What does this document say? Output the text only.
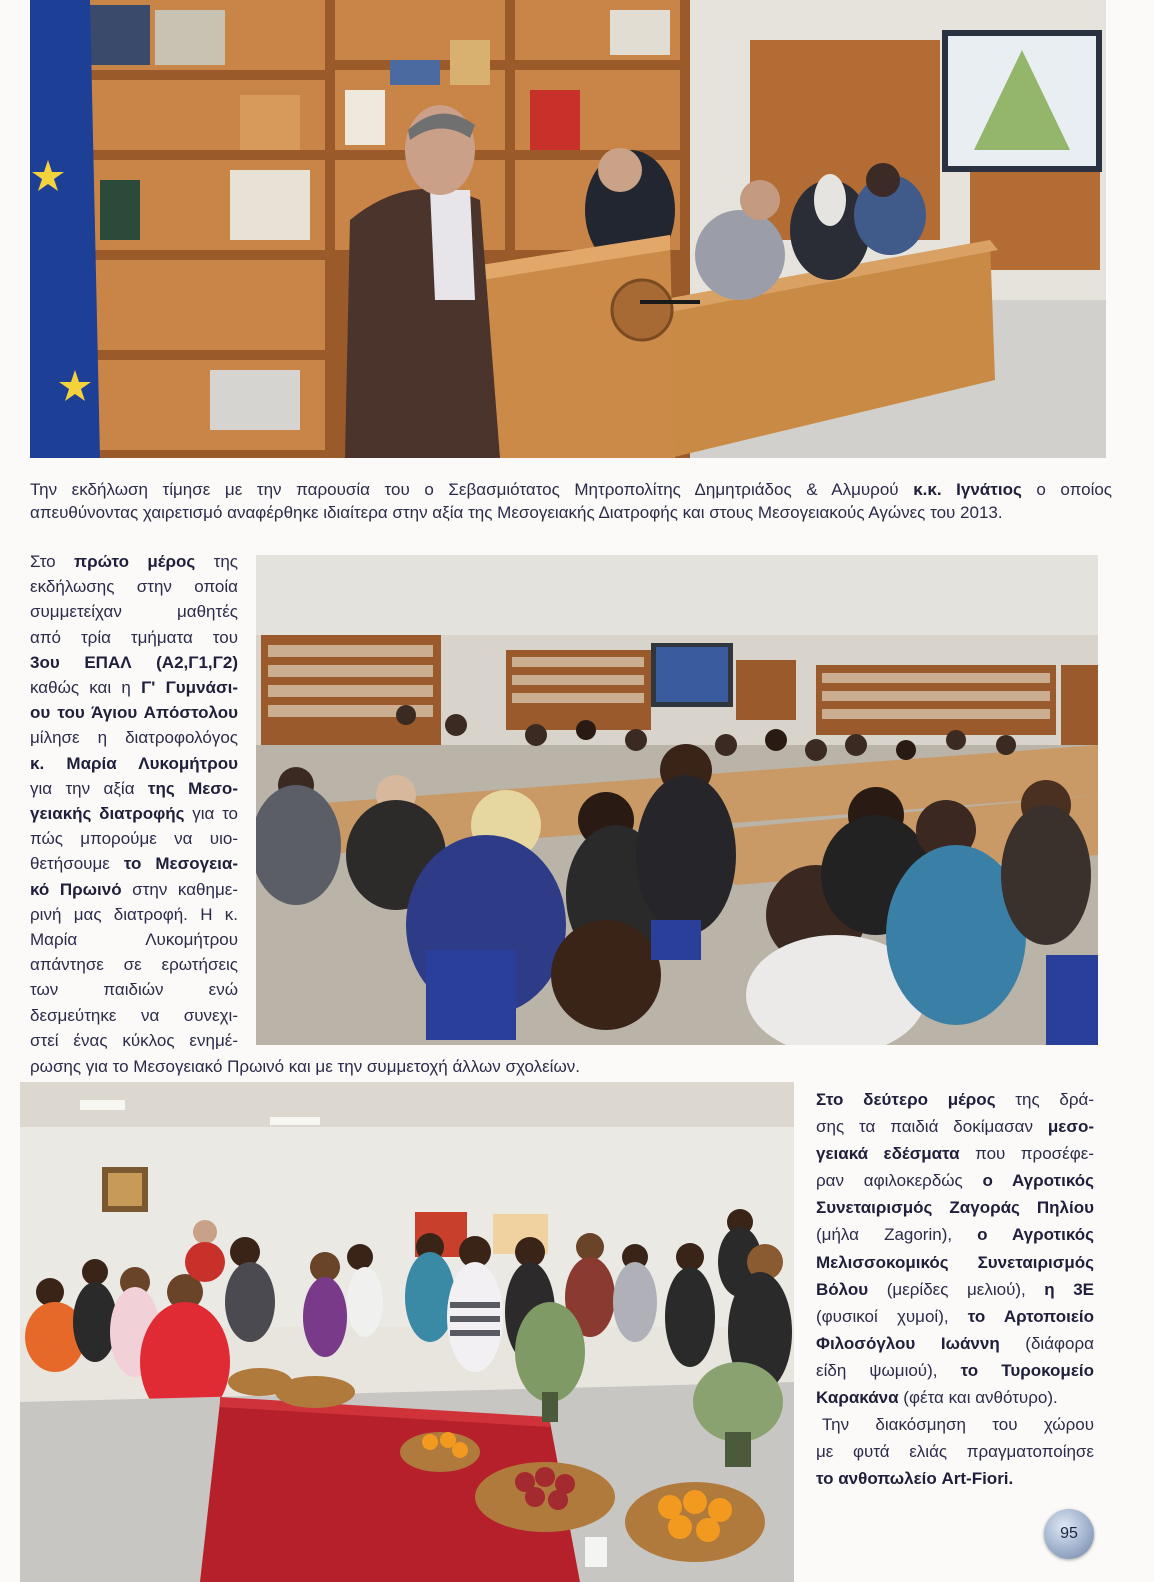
Την εκδήλωση τίμησε με την παρουσία του ο Σεβασμιότατος Μητροπολίτης Δημητριάδος & Αλμυρού κ.κ. Ιγνάτιος ο οποίος
απευθύνοντας χαιρετισμό αναφέρθηκε ιδιαίτερα στην αξία της Μεσογειακής Διατροφής και στους Μεσογειακούς Αγώνες του 2013.
Στο πρώτο μέρος της
εκδήλωσης στην οποία
συμμετείχαν μαθητές
από τρία τμήματα του
3ου ΕΠΑΛ (Α2,Γ1,Γ2)
καθώς και η Γ' Γυμνάσι-
ου του Άγιου Απόστολου
μίλησε η διατροφολόγος
κ. Μαρία Λυκομήτρου
για την αξία της Μεσο-
γειακής διατροφής για το
πώς μπορούμε να υιο-
θετήσουμε το Μεσογεια-
κό Πρωινό στην καθημε-
ρινή μας διατροφή. Η κ.
Μαρία Λυκομήτρου
απάντησε σε ερωτήσεις
των παιδιών ενώ
δεσμεύτηκε να συνεχι-
στεί ένας κύκλος ενημέ-
ρωσης για το Μεσογειακό Πρωινό και με την συμμετοχή άλλων σχολείων.
Στο δεύτερο μέρος της δρά-
σης τα παιδιά δοκίμασαν μεσο-
γειακά εδέσματα που προσέφε-
ραν αφιλοκερδώς ο Αγροτικός
Συνεταιρισμός Ζαγοράς Πηλίου
(μήλα Zagorin), ο Αγροτικός
Μελισσοκομικός Συνεταιρισμός
Βόλου (μερίδες μελιού), η 3Ε
(φυσικοί χυμοί), το Αρτοποιείο
Φιλοσόγλου Ιωάννη (διάφορα
είδη ψωμιού), το Τυροκομείο
Καρακάνα (φέτα και ανθότυρο).
Την διακόσμηση του χώρου
με φυτά ελιάς πραγματοποίησε
το ανθοπωλείο Art-Fiori.
95
